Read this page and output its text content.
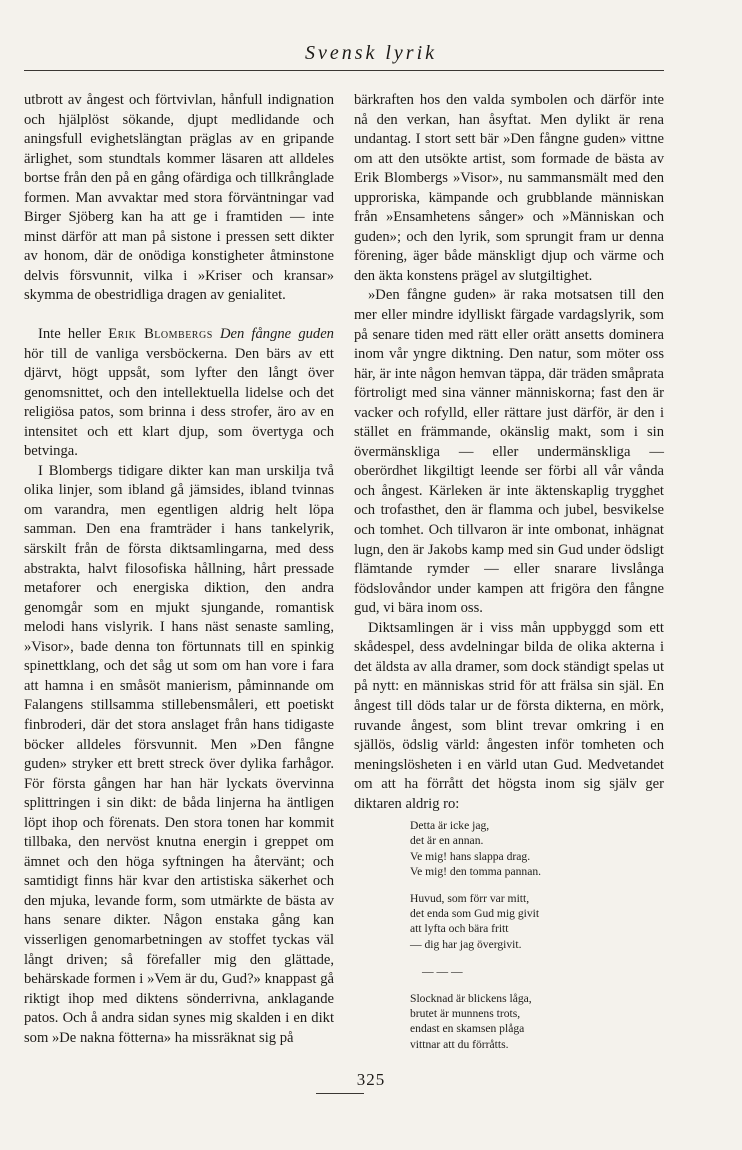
Svensk lyrik

utbrott av ångest och förtvivlan, hånfull indignation och hjälplöst sökande, djupt medlidande och aningsfull evighetslängtan präglas av en gripande ärlighet, som stundtals kommer läsaren att alldeles bortse från den på en gång ofärdiga och tillkrånglade formen. Man avvaktar med stora förväntningar vad Birger Sjöberg kan ha att ge i framtiden — inte minst därför att man på sistone i pressen sett dikter av honom, där de onödiga konstigheter åtminstone delvis försvunnit, vilka i »Kriser och kransar» skymma de obestridliga dragen av genialitet.

Inte heller Erik Blombergs Den fångne guden hör till de vanliga versböckerna. Den bärs av ett djärvt, högt uppsåt, som lyfter den långt över genomsnittet, och den intellektuella lidelse och det religiösa patos, som brinna i dess strofer, äro av en intensitet och ett klart djup, som övertyga och betvinga.

I Blombergs tidigare dikter kan man urskilja två olika linjer, som ibland gå jämsides, ibland tvinnas om varandra, men egentligen aldrig helt löpa samman. Den ena framträder i hans tankelyrik, särskilt från de första diktsamlingarna, med dess abstrakta, halvt filosofiska hållning, hårt pressade metaforer och energiska diktion, den andra genomgår som en mjukt sjungande, romantisk melodi hans vislyrik. I hans näst senaste samling, »Visor», bade denna ton förtunnats till en spinkig spinettklang, och det såg ut som om han vore i fara att hamna i en småsöt manierism, påminnande om Falangens stillsamma stillebensmåleri, ett poetiskt finbroderi, där det stora anslaget från hans tidigaste böcker alldeles försvunnit. Men »Den fångne guden» stryker ett brett streck över dylika farhågor. För första gången har han här lyckats övervinna splittringen i sin dikt: de båda linjerna ha äntligen löpt ihop och förenats. Den stora tonen har kommit tillbaka, den nervöst knutna energin i greppet om ämnet och den höga syftningen ha återvänt; och samtidigt finns här kvar den artistiska säkerhet och den mjuka, levande form, som utmärkte de bästa av hans senare dikter. Någon enstaka gång kan visserligen genomarbetningen av stoffet tyckas väl långt driven; så förefaller mig den glättade, behärskade formen i »Vem är du, Gud?» knappast gå riktigt ihop med diktens sönderrivna, anklagande patos. Och å andra sidan synes mig skalden i en dikt som »De nakna fötterna» ha missräknat sig på

bärkraften hos den valda symbolen och därför inte nå den verkan, han åsyftat. Men dylikt är rena undantag. I stort sett bär »Den fångne guden» vittne om att den utsökte artist, som formade de bästa av Erik Blombergs »Visor», nu sammansmält med den upproriska, kämpande och grubblande människan från »Ensamhetens sånger» och »Människan och guden»; och den lyrik, som sprungit fram ur denna förening, äger både mänskligt djup och värme och den äkta konstens prägel av slutgiltighet.

»Den fångne guden» är raka motsatsen till den mer eller mindre idylliskt färgade vardagslyrik, som på senare tiden med rätt eller orätt ansetts dominera inom vår yngre diktning. Den natur, som möter oss här, är inte någon hemvan täppa, där träden småprata förtroligt med sina vänner människorna; fast den är vacker och rofylld, eller rättare just därför, är den i stället en främmande, okänslig makt, som i sin övermänskliga — eller undermänskliga — oberördhet likgiltigt leende ser förbi all vår vånda och ångest. Kärleken är inte äktenskaplig trygghet och trofasthet, den är flamma och jubel, besvikelse och tomhet. Och tillvaron är inte ombonat, inhägnat lugn, den är Jakobs kamp med sin Gud under ödsligt flämtande rymder — eller snarare livslånga födslovåndor under kampen att frigöra den fångne gud, vi bära inom oss.

Diktsamlingen är i viss mån uppbyggd som ett skådespel, dess avdelningar bilda de olika akterna i det äldsta av alla dramer, som dock ständigt spelas ut på nytt: en människas strid för att frälsa sin själ. En ångest till döds talar ur de första dikterna, en mörk, ruvande ångest, som blint trevar omkring i en själlös, ödslig värld: ångesten inför tomheten och meningslösheten i en värld utan Gud. Medvetandet om att ha förrått det högsta inom sig själv ger diktaren aldrig ro:

Detta är icke jag,
det är en annan.
Ve mig! hans slappa drag.
Ve mig! den tomma pannan.
Huvud, som förr var mitt,
det enda som Gud mig givit
att lyfta och bära fritt
— dig har jag övergivit.
— — —
Slocknad är blickens låga,
brutet är munnens trots,
endast en skamsen plåga
vittnar att du förråtts.
325
